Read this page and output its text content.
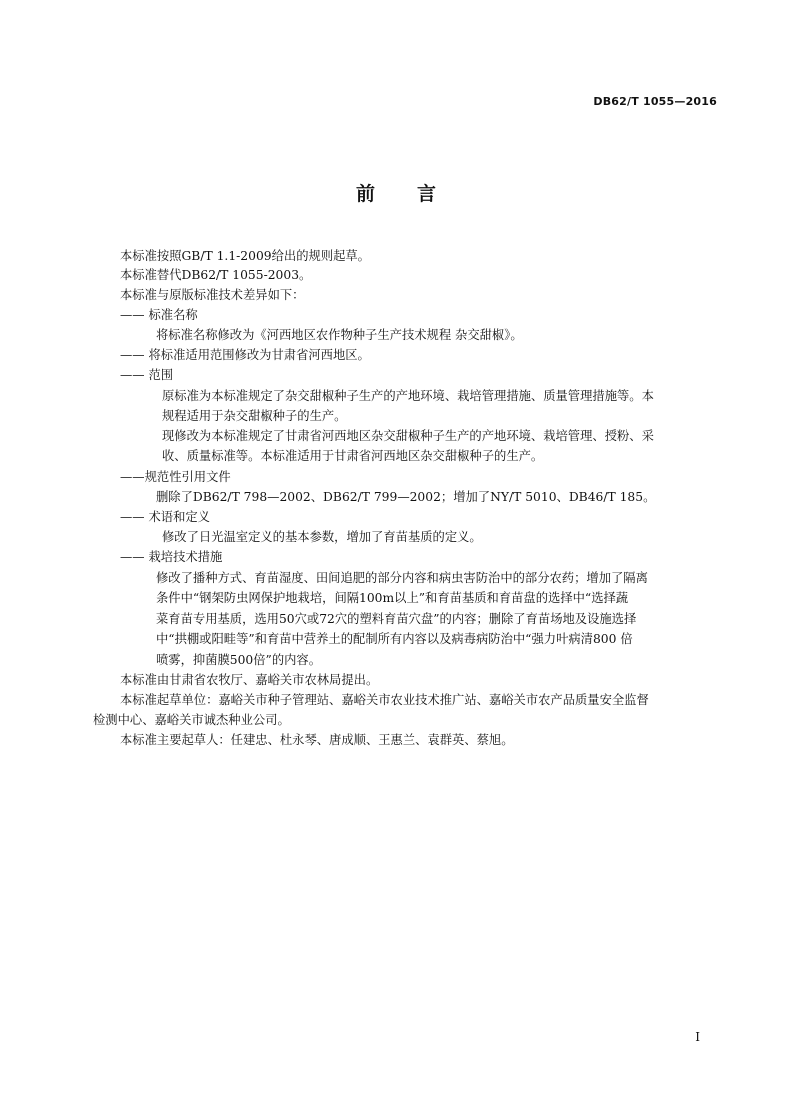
DB62/T 1055—2016
前言
本标准按照GB/T 1.1-2009给出的规则起草。
本标准替代DB62/T 1055-2003。
本标准与原版标准技术差异如下：
—— 标准名称
将标准名称修改为《河西地区农作物种子生产技术规程 杂交甜椒》。
—— 将标准适用范围修改为甘肃省河西地区。
—— 范围
原标准为本标准规定了杂交甜椒种子生产的产地环境、栽培管理措施、质量管理措施等。本
规程适用于杂交甜椒种子的生产。
现修改为本标准规定了甘肃省河西地区杂交甜椒种子生产的产地环境、栽培管理、授粉、采
收、质量标准等。本标准适用于甘肃省河西地区杂交甜椒种子的生产。
——规范性引用文件
删除了DB62/T 798—2002、DB62/T 799—2002；增加了NY/T 5010、DB46/T 185。
—— 术语和定义
修改了日光温室定义的基本参数，增加了育苗基质的定义。
—— 栽培技术措施
修改了播种方式、育苗湿度、田间追肥的部分内容和病虫害防治中的部分农药；增加了隔离
条件中“钢架防虫网保护地栽培，间隔100m以上”和育苗基质和育苗盘的选择中“选择蔬
菜育苗专用基质，选用50穴或72穴的塑料育苗穴盘”的内容；删除了育苗场地及设施选择
中“拱棚或阳畦等”和育苗中营养土的配制所有内容以及病毒病防治中“强力叶病清800 倍
喷雾，抑菌膜500倍”的内容。
本标准由甘肃省农牧厅、嘉峪关市农林局提出。
本标准起草单位：嘉峪关市种子管理站、嘉峪关市农业技术推广站、嘉峪关市农产品质量安全监督
检测中心、嘉峪关市诚杰种业公司。
本标准主要起草人：任建忠、杜永琴、唐成顺、王惠兰、袁群英、蔡旭。
I
